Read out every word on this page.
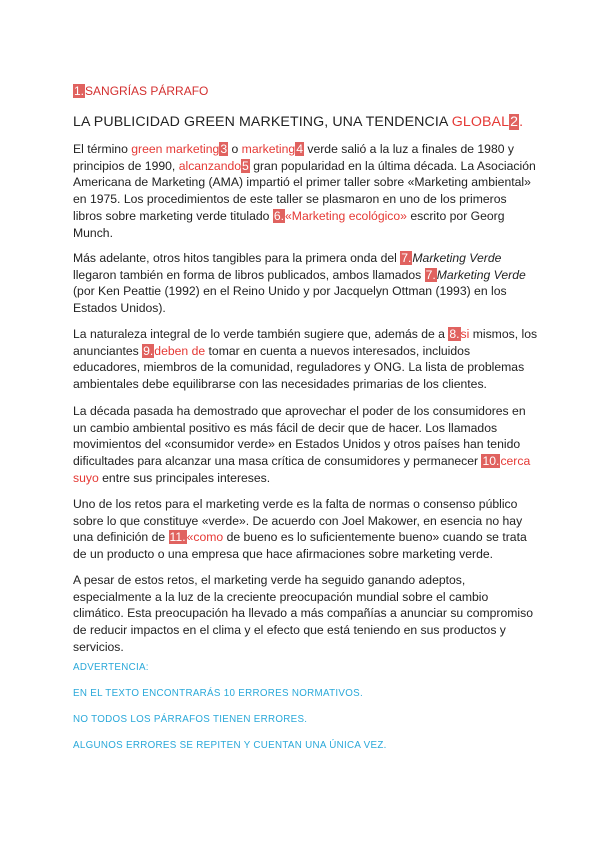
1.SANGRÍAS PÁRRAFO

LA PUBLICIDAD GREEN MARKETING, UNA TENDENCIA GLOBAL2.

El término green marketing3 o marketing4 verde salió a la luz a finales de 1980 y principios de 1990, alcanzando5 gran popularidad en la última década. La Asociación Americana de Marketing (AMA) impartió el primer taller sobre «Marketing ambiental» en 1975. Los procedimientos de este taller se plasmaron en uno de los primeros libros sobre marketing verde titulado 6.«Marketing ecológico» escrito por Georg Munch.

Más adelante, otros hitos tangibles para la primera onda del 7.Marketing Verde llegaron también en forma de libros publicados, ambos llamados 7.Marketing Verde (por Ken Peattie (1992) en el Reino Unido y por Jacquelyn Ottman (1993) en los Estados Unidos).

La naturaleza integral de lo verde también sugiere que, además de a 8.si mismos, los anunciantes 9.deben de tomar en cuenta a nuevos interesados, incluidos educadores, miembros de la comunidad, reguladores y ONG. La lista de problemas ambientales debe equilibrarse con las necesidades primarias de los clientes.

La década pasada ha demostrado que aprovechar el poder de los consumidores en un cambio ambiental positivo es más fácil de decir que de hacer. Los llamados movimientos del «consumidor verde» en Estados Unidos y otros países han tenido dificultades para alcanzar una masa crítica de consumidores y permanecer 10.cerca suyo entre sus principales intereses.

Uno de los retos para el marketing verde es la falta de normas o consenso público sobre lo que constituye «verde». De acuerdo con Joel Makower, en esencia no hay una definición de 11.«como de bueno es lo suficientemente bueno» cuando se trata de un producto o una empresa que hace afirmaciones sobre marketing verde.

A pesar de estos retos, el marketing verde ha seguido ganando adeptos, especialmente a la luz de la creciente preocupación mundial sobre el cambio climático. Esta preocupación ha llevado a más compañías a anunciar su compromiso de reducir impactos en el clima y el efecto que está teniendo en sus productos y servicios.

ADVERTENCIA:

EN EL TEXTO ENCONTRARÁS 10 ERRORES NORMATIVOS.

NO TODOS LOS PÁRRAFOS TIENEN ERRORES.

ALGUNOS ERRORES SE REPITEN Y CUENTAN UNA ÚNICA VEZ.
